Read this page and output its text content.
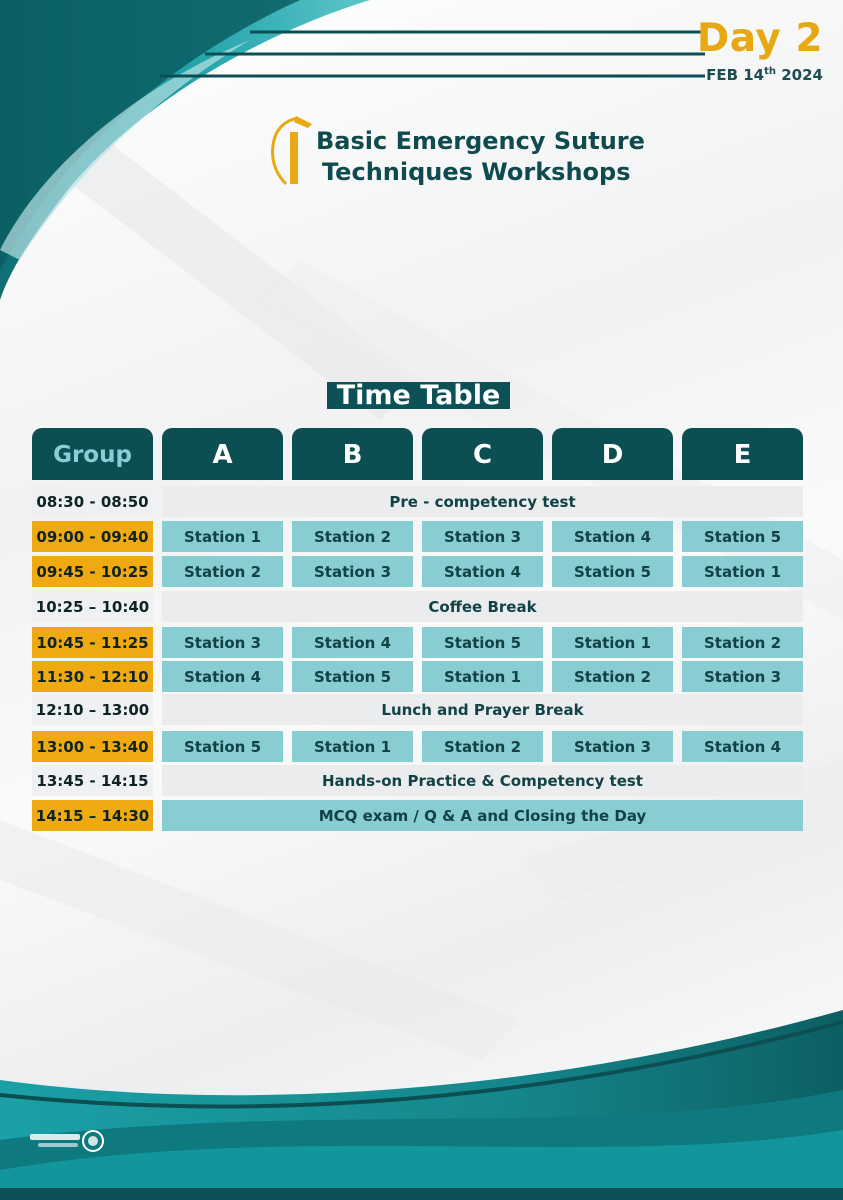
Day 2
FEB 14th 2024
Basic Emergency Suture
Techniques Workshops
Time Table
Group	A	B	C	D	E
08:30 - 08:50	Pre - competency test
09:00 - 09:40	Station 1	Station 2	Station 3	Station 4	Station 5
09:45 - 10:25	Station 2	Station 3	Station 4	Station 5	Station 1
10:25 – 10:40	Coffee Break
10:45 - 11:25	Station 3	Station 4	Station 5	Station 1	Station 2
11:30 - 12:10	Station 4	Station 5	Station 1	Station 2	Station 3
12:10 – 13:00	Lunch and Prayer Break
13:00 - 13:40	Station 5	Station 1	Station 2	Station 3	Station 4
13:45 - 14:15	Hands-on Practice & Competency test
14:15 – 14:30	MCQ exam / Q & A and Closing the Day
